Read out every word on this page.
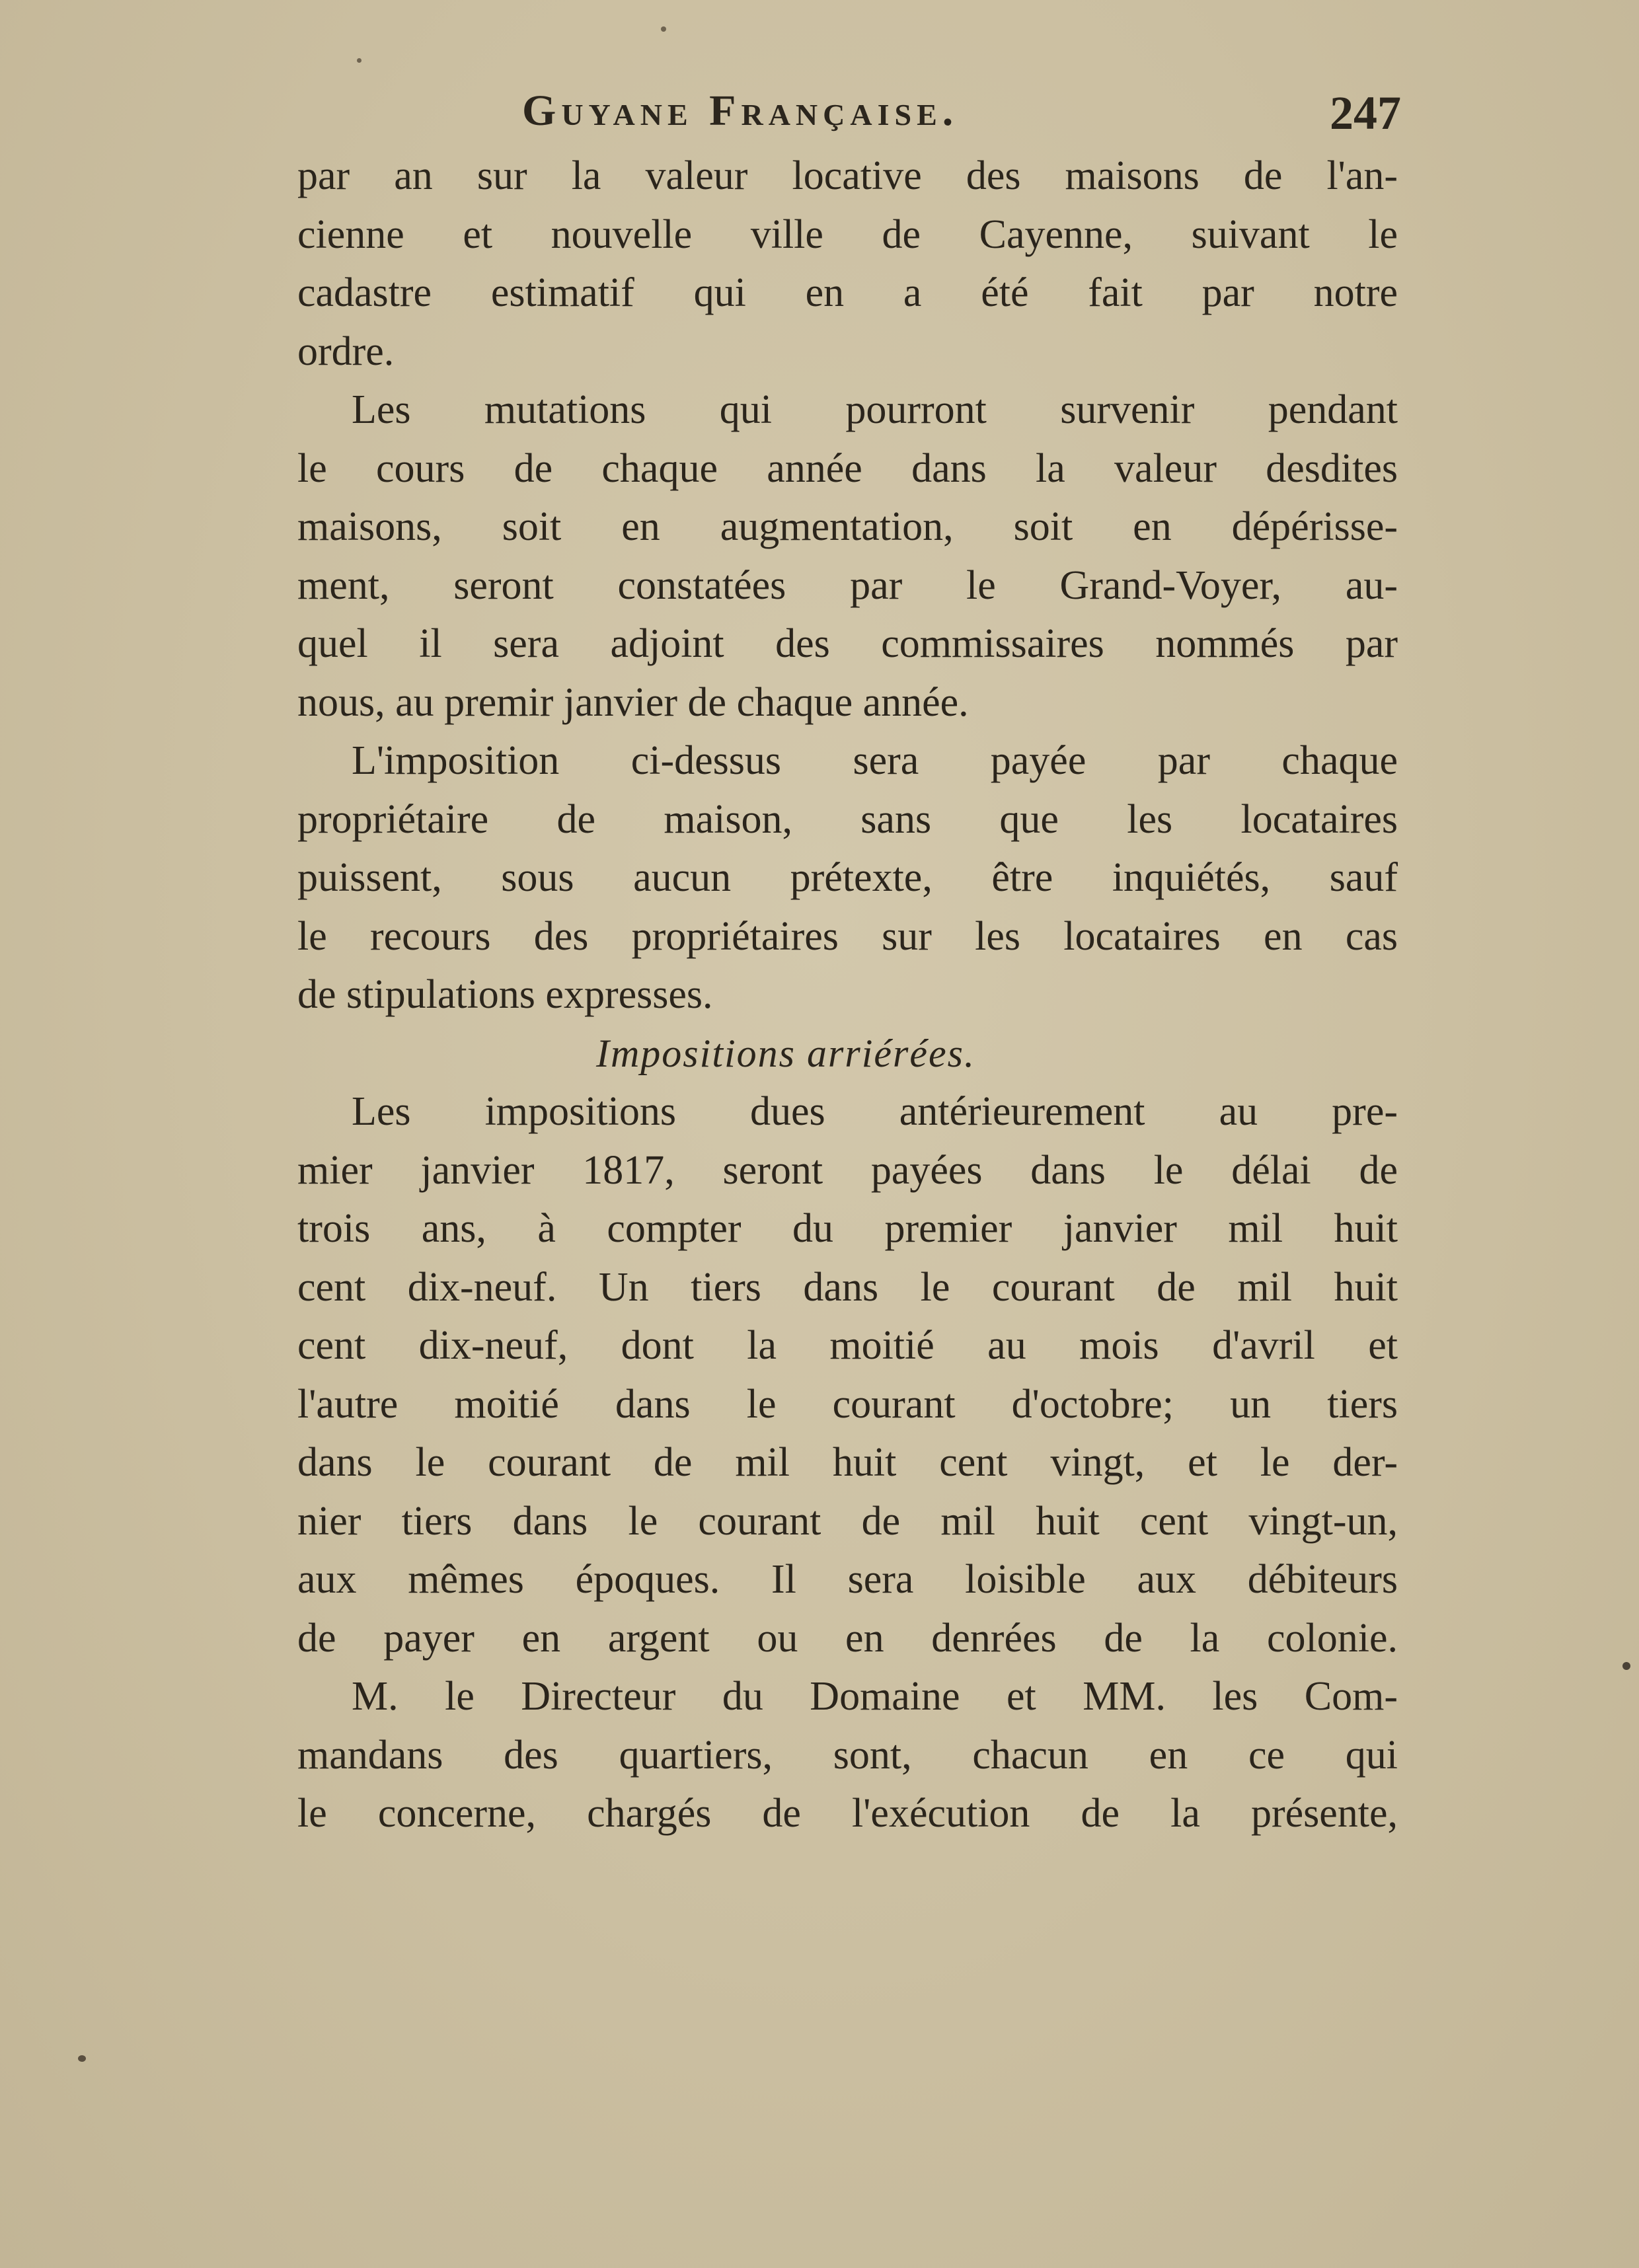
Guyane Française.	247
par an sur la valeur locative des maisons de l'an-
cienne et nouvelle ville de Cayenne, suivant le
cadastre estimatif qui en a été fait par notre
ordre.
Les mutations qui pourront survenir pendant
le cours de chaque année dans la valeur desdites
maisons, soit en augmentation, soit en dépérisse-
ment, seront constatées par le Grand-Voyer, au-
quel il sera adjoint des commissaires nommés par
nous, au premir janvier de chaque année.
L'imposition ci-dessus sera payée par chaque
propriétaire de maison, sans que les locataires
puissent, sous aucun prétexte, être inquiétés, sauf
le recours des propriétaires sur les locataires en cas
de stipulations expresses.
Impositions arriérées.
Les impositions dues antérieurement au pre-
mier janvier 1817, seront payées dans le délai de
trois ans, à compter du premier janvier mil huit
cent dix-neuf. Un tiers dans le courant de mil huit
cent dix-neuf, dont la moitié au mois d'avril et
l'autre moitié dans le courant d'octobre; un tiers
dans le courant de mil huit cent vingt, et le der-
nier tiers dans le courant de mil huit cent vingt-un,
aux mêmes époques. Il sera loisible aux débiteurs
de payer en argent ou en denrées de la colonie.
M. le Directeur du Domaine et MM. les Com-
mandans des quartiers, sont, chacun en ce qui
le concerne, chargés de l'exécution de la présente,
